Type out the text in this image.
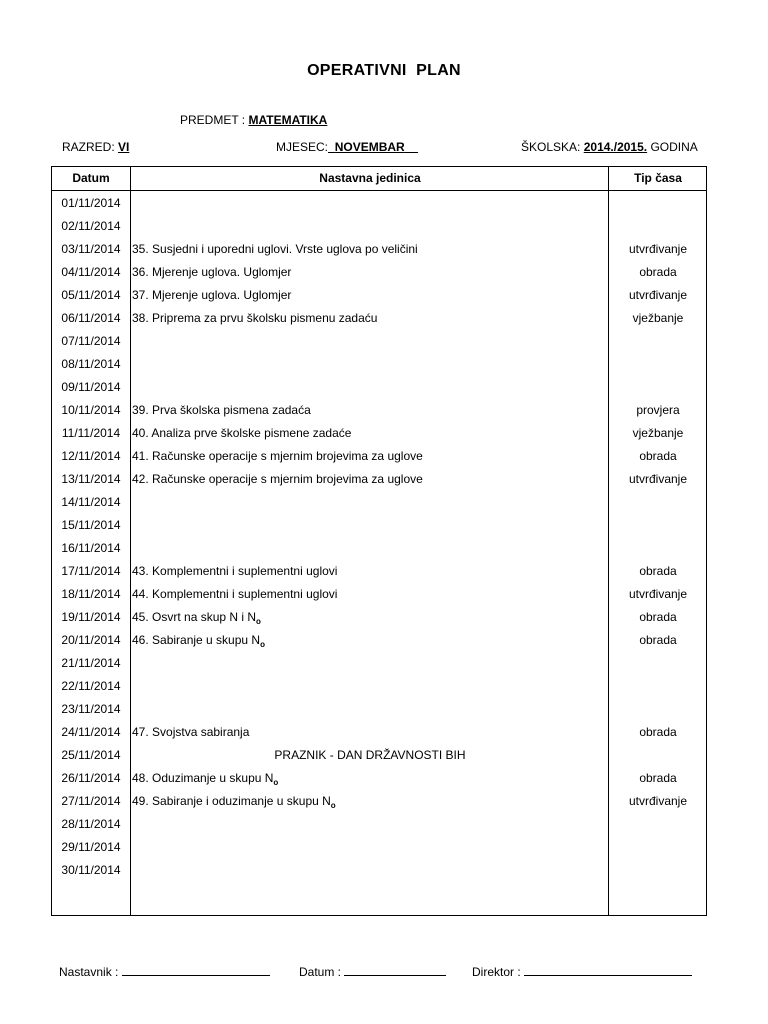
OPERATIVNI  PLAN
PREDMET : MATEMATIKA
RAZRED: VI	MJESEC: NOVEMBAR	ŠKOLSKA: 2014./2015. GODINA
Datum	Nastavna jedinica	Tip časa
01/11/2014
02/11/2014
03/11/2014 35. Susjedni i uporedni uglovi. Vrste uglova po veličini	utvrđivanje
04/11/2014 36. Mjerenje uglova. Uglomjer	obrada
05/11/2014 37. Mjerenje uglova. Uglomjer	utvrđivanje
06/11/2014 38. Priprema za prvu školsku pismenu zadaću	vježbanje
07/11/2014
08/11/2014
09/11/2014
10/11/2014 39. Prva školska pismena zadaća	provjera
11/11/2014 40. Analiza prve školske pismene zadaće	vježbanje
12/11/2014 41. Računske operacije s mjernim brojevima za uglove	obrada
13/11/2014 42. Računske operacije s mjernim brojevima za uglove	utvrđivanje
14/11/2014
15/11/2014
16/11/2014
17/11/2014 43. Komplementni i suplementni uglovi	obrada
18/11/2014 44. Komplementni i suplementni uglovi	utvrđivanje
19/11/2014 45. Osvrt na skup N i $N_o$	obrada
20/11/2014 46. Sabiranje u skupu $N_o$	obrada
21/11/2014
22/11/2014
23/11/2014
24/11/2014 47. Svojstva sabiranja	obrada
25/11/2014	PRAZNIK - DAN DRŽAVNOSTI BIH
26/11/2014 48. Oduzimanje u skupu $N_o$	obrada
27/11/2014 49. Sabiranje i oduzimanje u skupu $N_o$	utvrđivanje
28/11/2014
29/11/2014
30/11/2014
Nastavnik :	Datum :	Direktor :
